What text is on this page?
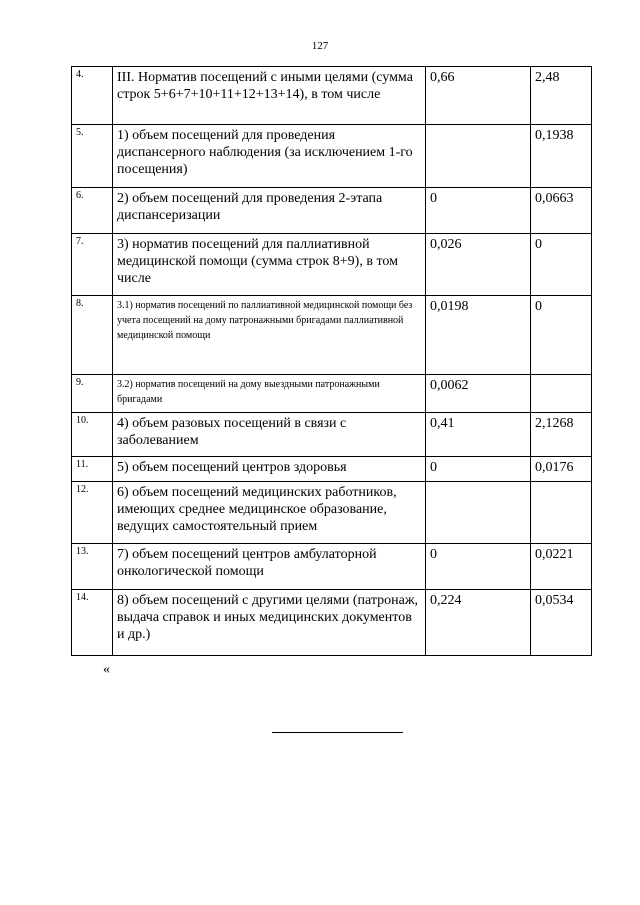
127
4.	III. Норматив посещений с иными целями (сумма строк 5+6+7+10+11+12+13+14), в том числе	0,66	2,48
5.	1) объем посещений для проведения диспансерного наблюдения (за исключением 1-го посещения)		0,1938
6.	2) объем посещений для проведения 2-этапа диспансеризации	0	0,0663
7.	3) норматив посещений для паллиативной медицинской помощи (сумма строк 8+9), в том числе	0,026	0
8.	3.1) норматив посещений по паллиативной медицинской помощи без учета посещений на дому патронажными бригадами паллиативной медицинской помощи	0,0198	0
9.	3.2) норматив посещений на дому выездными патронажными бригадами	0,0062	
10.	4) объем разовых посещений в связи с заболеванием	0,41	2,1268
11.	5) объем посещений центров здоровья	0	0,0176
12.	6) объем посещений медицинских работников, имеющих среднее медицинское образование, ведущих самостоятельный прием		
13.	7) объем посещений центров амбулаторной онкологической помощи	0	0,0221
14.	8) объем посещений с другими целями (патронаж, выдача справок и иных медицинских документов и др.)	0,224	0,0534
«
